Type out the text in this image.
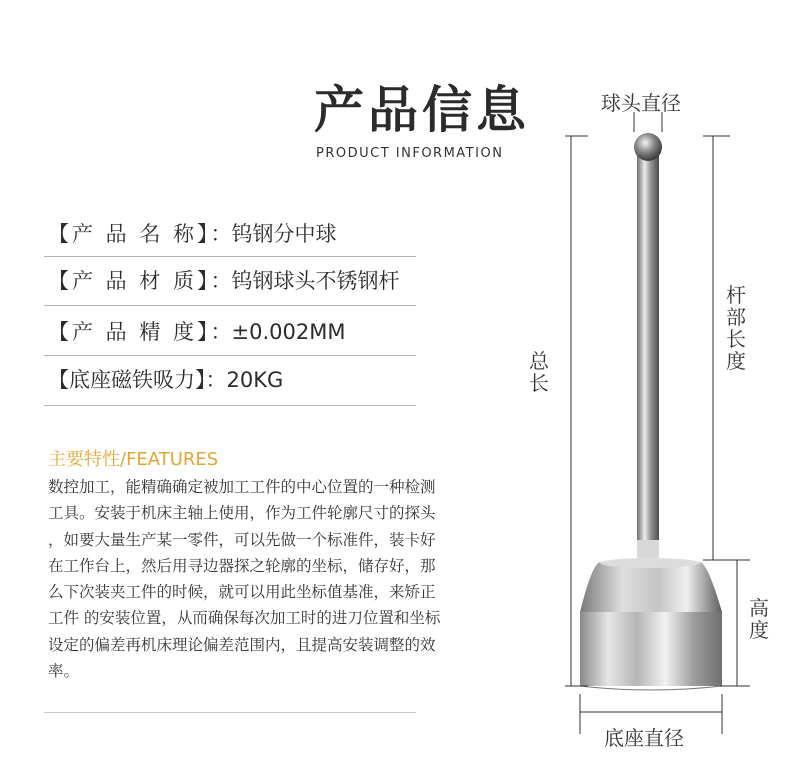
产品信息
PRODUCT INFORMATION
【产 品 名 称】：钨钢分中球
【产 品 材 质】：钨钢球头不锈钢杆
【产 品 精 度】：±0.002MM
【底座磁铁吸力】：20KG
主要特性/FEATURES
数控加工，能精确确定被加工工件的中心位置的一种检测
工具。安装于机床主轴上使用，作为工件轮廓尺寸的探头
，如要大量生产某一零件，可以先做一个标准件，装卡好
在工作台上，然后用寻边器探之轮廓的坐标，储存好，那
么下次装夹工件的时候，就可以用此坐标值基准，来矫正
工件 的安装位置，从而确保每次加工时的进刀位置和坐标
设定的偏差再机床理论偏差范围内，且提高安装调整的效
率。
球头直径
总长
杆部长度
高度
底座直径
